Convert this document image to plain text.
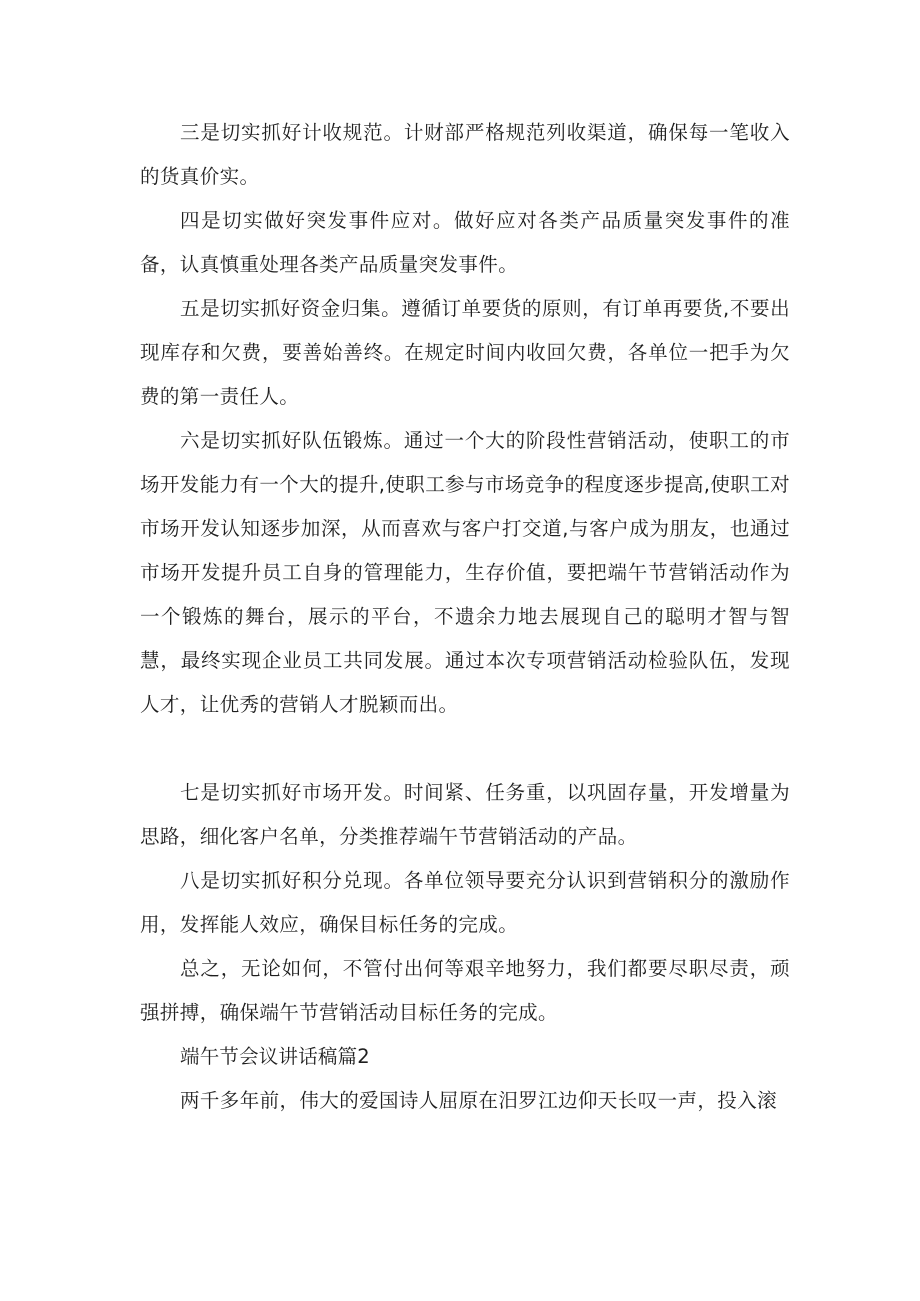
三是切实抓好计收规范。计财部严格规范列收渠道，确保每一笔收入的货真价实。

四是切实做好突发事件应对。做好应对各类产品质量突发事件的准备，认真慎重处理各类产品质量突发事件。

五是切实抓好资金归集。遵循订单要货的原则，有订单再要货,不要出现库存和欠费，要善始善终。在规定时间内收回欠费，各单位一把手为欠费的第一责任人。

六是切实抓好队伍锻炼。通过一个大的阶段性营销活动，使职工的市场开发能力有一个大的提升,使职工参与市场竞争的程度逐步提高,使职工对市场开发认知逐步加深，从而喜欢与客户打交道,与客户成为朋友，也通过市场开发提升员工自身的管理能力，生存价值，要把端午节营销活动作为一个锻炼的舞台，展示的平台，不遗余力地去展现自己的聪明才智与智慧，最终实现企业员工共同发展。通过本次专项营销活动检验队伍，发现人才，让优秀的营销人才脱颖而出。

七是切实抓好市场开发。时间紧、任务重，以巩固存量，开发增量为思路，细化客户名单，分类推荐端午节营销活动的产品。

八是切实抓好积分兑现。各单位领导要充分认识到营销积分的激励作用，发挥能人效应，确保目标任务的完成。

总之，无论如何，不管付出何等艰辛地努力，我们都要尽职尽责，顽强拼搏，确保端午节营销活动目标任务的完成。

端午节会议讲话稿篇2

两千多年前，伟大的爱国诗人屈原在汨罗江边仰天长叹一声，投入滚
